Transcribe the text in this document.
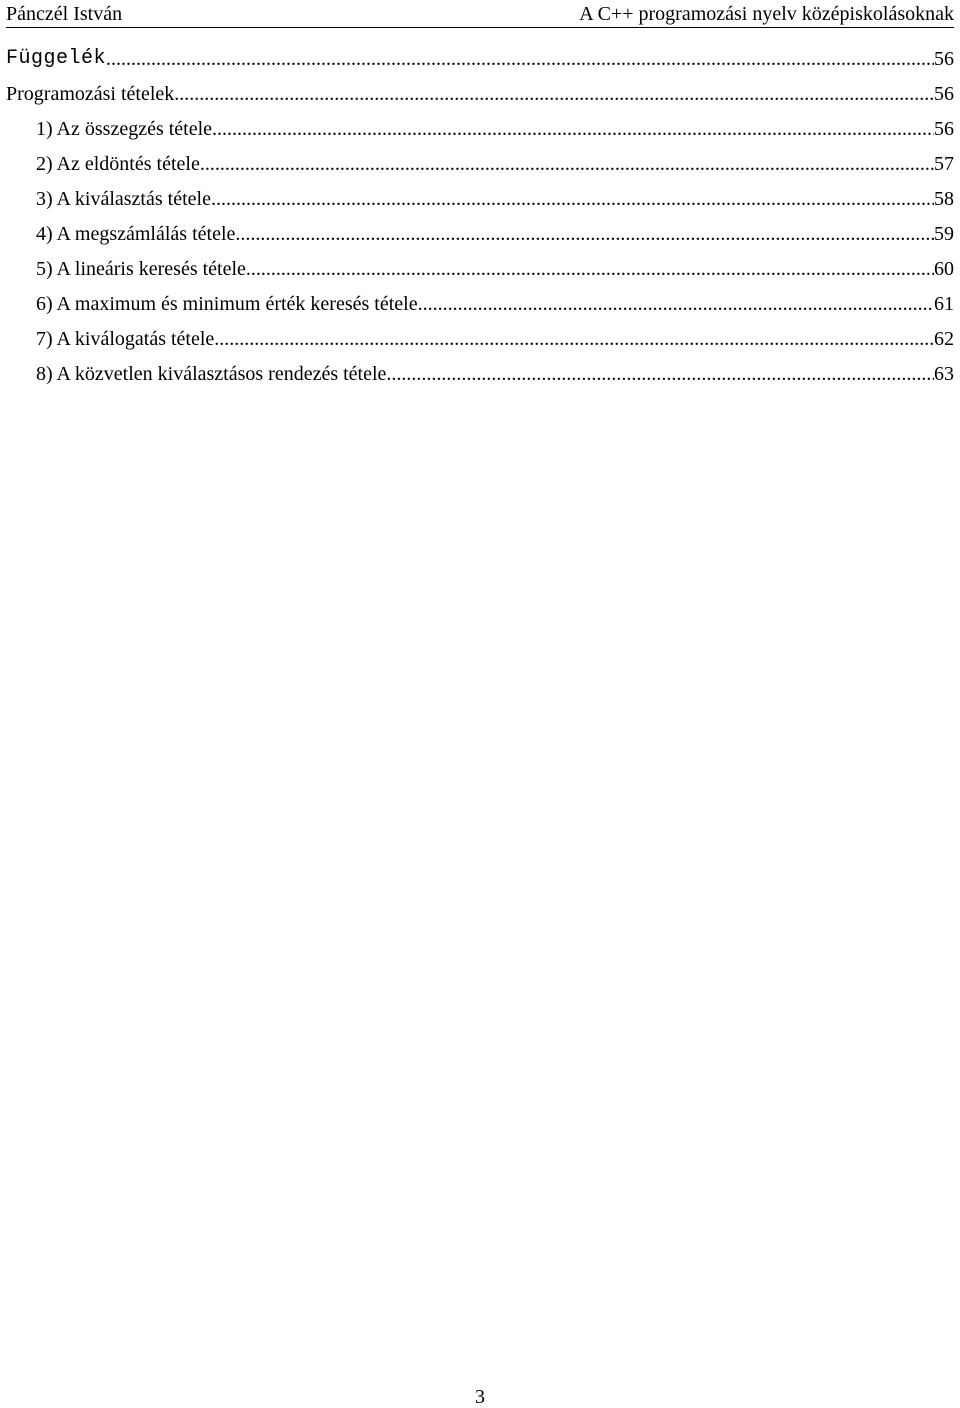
Pánczél István	A C++ programozási nyelv középiskolásoknak
Függelék .....	56
Programozási tételek .....	56
1) Az összegzés tétele .....	56
2) Az eldöntés tétele .....	57
3) A kiválasztás tétele .....	58
4) A megszámlálás tétele .....	59
5) A lineáris keresés tétele .....	60
6) A maximum és minimum érték keresés tétele .....	61
7) A kiválogatás tétele .....	62
8) A közvetlen kiválasztásos rendezés tétele .....	63
3
